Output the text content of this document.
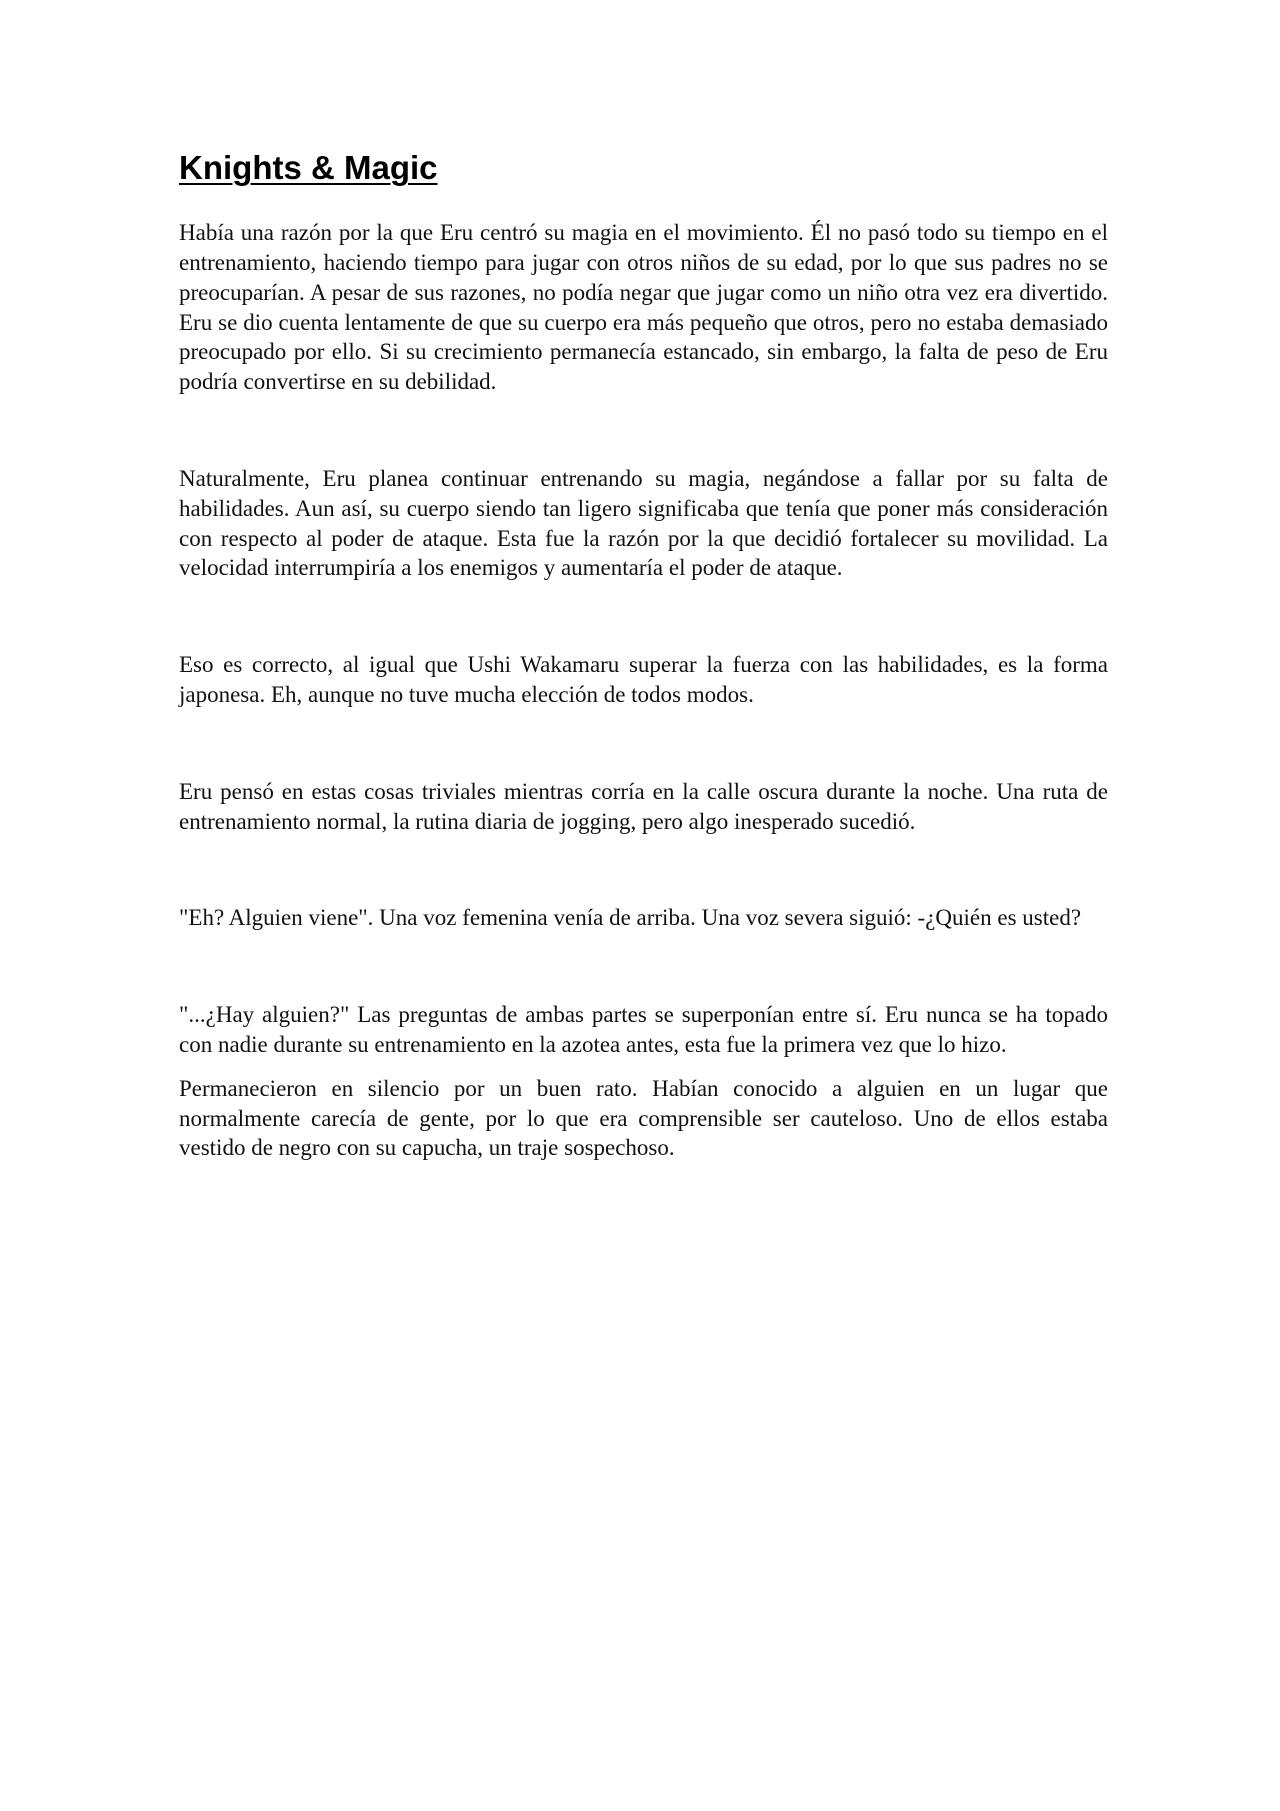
Knights & Magic

Había una razón por la que Eru centró su magia en el movimiento. Él no pasó todo su tiempo en el entrenamiento, haciendo tiempo para jugar con otros niños de su edad, por lo que sus padres no se preocuparían. A pesar de sus razones, no podía negar que jugar como un niño otra vez era divertido. Eru se dio cuenta lentamente de que su cuerpo era más pequeño que otros, pero no estaba demasiado preocupado por ello. Si su crecimiento permanecía estancado, sin embargo, la falta de peso de Eru podría convertirse en su debilidad.

Naturalmente, Eru planea continuar entrenando su magia, negándose a fallar por su falta de habilidades. Aun así, su cuerpo siendo tan ligero significaba que tenía que poner más consideración con respecto al poder de ataque. Esta fue la razón por la que decidió fortalecer su movilidad. La velocidad interrumpiría a los enemigos y aumentaría el poder de ataque.

Eso es correcto, al igual que Ushi Wakamaru superar la fuerza con las habilidades, es la forma japonesa. Eh, aunque no tuve mucha elección de todos modos.

Eru pensó en estas cosas triviales mientras corría en la calle oscura durante la noche. Una ruta de entrenamiento normal, la rutina diaria de jogging, pero algo inesperado sucedió.

"Eh? Alguien viene". Una voz femenina venía de arriba. Una voz severa siguió: -¿Quién es usted?

"...¿Hay alguien?" Las preguntas de ambas partes se superponían entre sí. Eru nunca se ha topado con nadie durante su entrenamiento en la azotea antes, esta fue la primera vez que lo hizo.

Permanecieron en silencio por un buen rato. Habían conocido a alguien en un lugar que normalmente carecía de gente, por lo que era comprensible ser cauteloso. Uno de ellos estaba vestido de negro con su capucha, un traje sospechoso.
